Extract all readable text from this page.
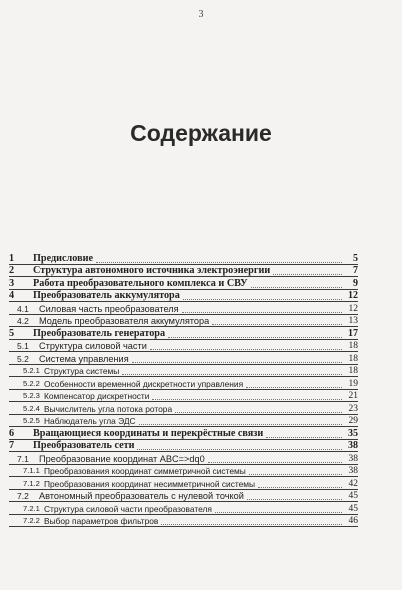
3
Содержание
1	Предисловие	5
2	Структура автономного источника электроэнергии	7
3	Работа преобразовательного комплекса и СВУ	9
4	Преобразователь аккумулятора	12
4.1	Силовая часть преобразователя	12
4.2	Модель преобразователя аккумулятора	13
5	Преобразователь генератора	17
5.1	Структура силовой части	18
5.2	Система управления	18
5.2.1 Структура системы	18
5.2.2 Особенности временной дискретности управления	19
5.2.3 Компенсатор дискретности	21
5.2.4 Вычислитель угла потока ротора	23
5.2.5 Наблюдатель угла ЭДС	29
6	Вращающиеся координаты и перекрёстные связи	35
7	Преобразователь сети	38
7.1	Преобразование координат ABC=>dq0	38
7.1.1 Преобразования координат симметричной системы	38
7.1.2 Преобразования координат несимметричной системы	42
7.2	Автономный преобразователь с нулевой точкой	45
7.2.1 Структура силовой части преобразователя	45
7.2.2 Выбор параметров фильтров	46
